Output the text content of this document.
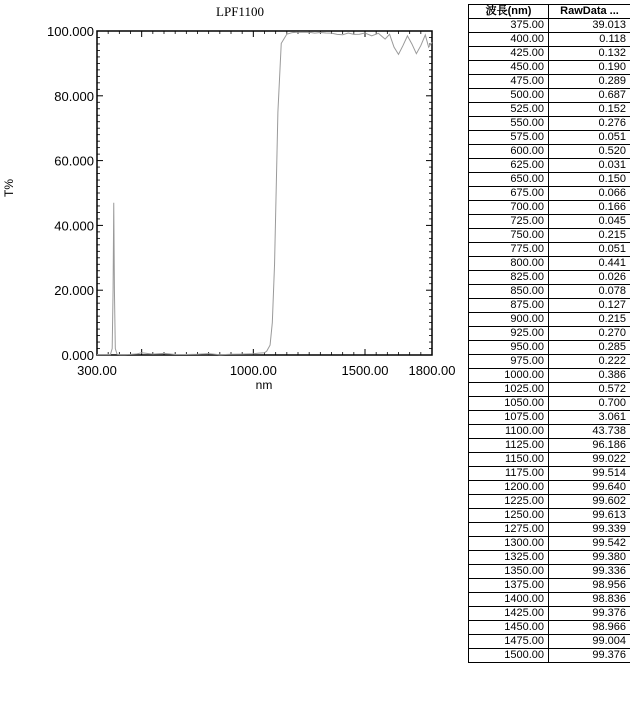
LPF1100
0.000
20.000
40.000
60.000
80.000
100.000
300.00	1000.00	1500.00 1800.00
T%
nm
波長(nm)	RawData ...
375.00	39.013
400.00	0.118
425.00	0.132
450.00	0.190
475.00	0.289
500.00	0.687
525.00	0.152
550.00	0.276
575.00	0.051
600.00	0.520
625.00	0.031
650.00	0.150
675.00	0.066
700.00	0.166
725.00	0.045
750.00	0.215
775.00	0.051
800.00	0.441
825.00	0.026
850.00	0.078
875.00	0.127
900.00	0.215
925.00	0.270
950.00	0.285
975.00	0.222
1000.00	0.386
1025.00	0.572
1050.00	0.700
1075.00	3.061
1100.00	43.738
1125.00	96.186
1150.00	99.022
1175.00	99.514
1200.00	99.640
1225.00	99.602
1250.00	99.613
1275.00	99.339
1300.00	99.542
1325.00	99.380
1350.00	99.336
1375.00	98.956
1400.00	98.836
1425.00	99.376
1450.00	98.966
1475.00	99.004
1500.00	99.376
